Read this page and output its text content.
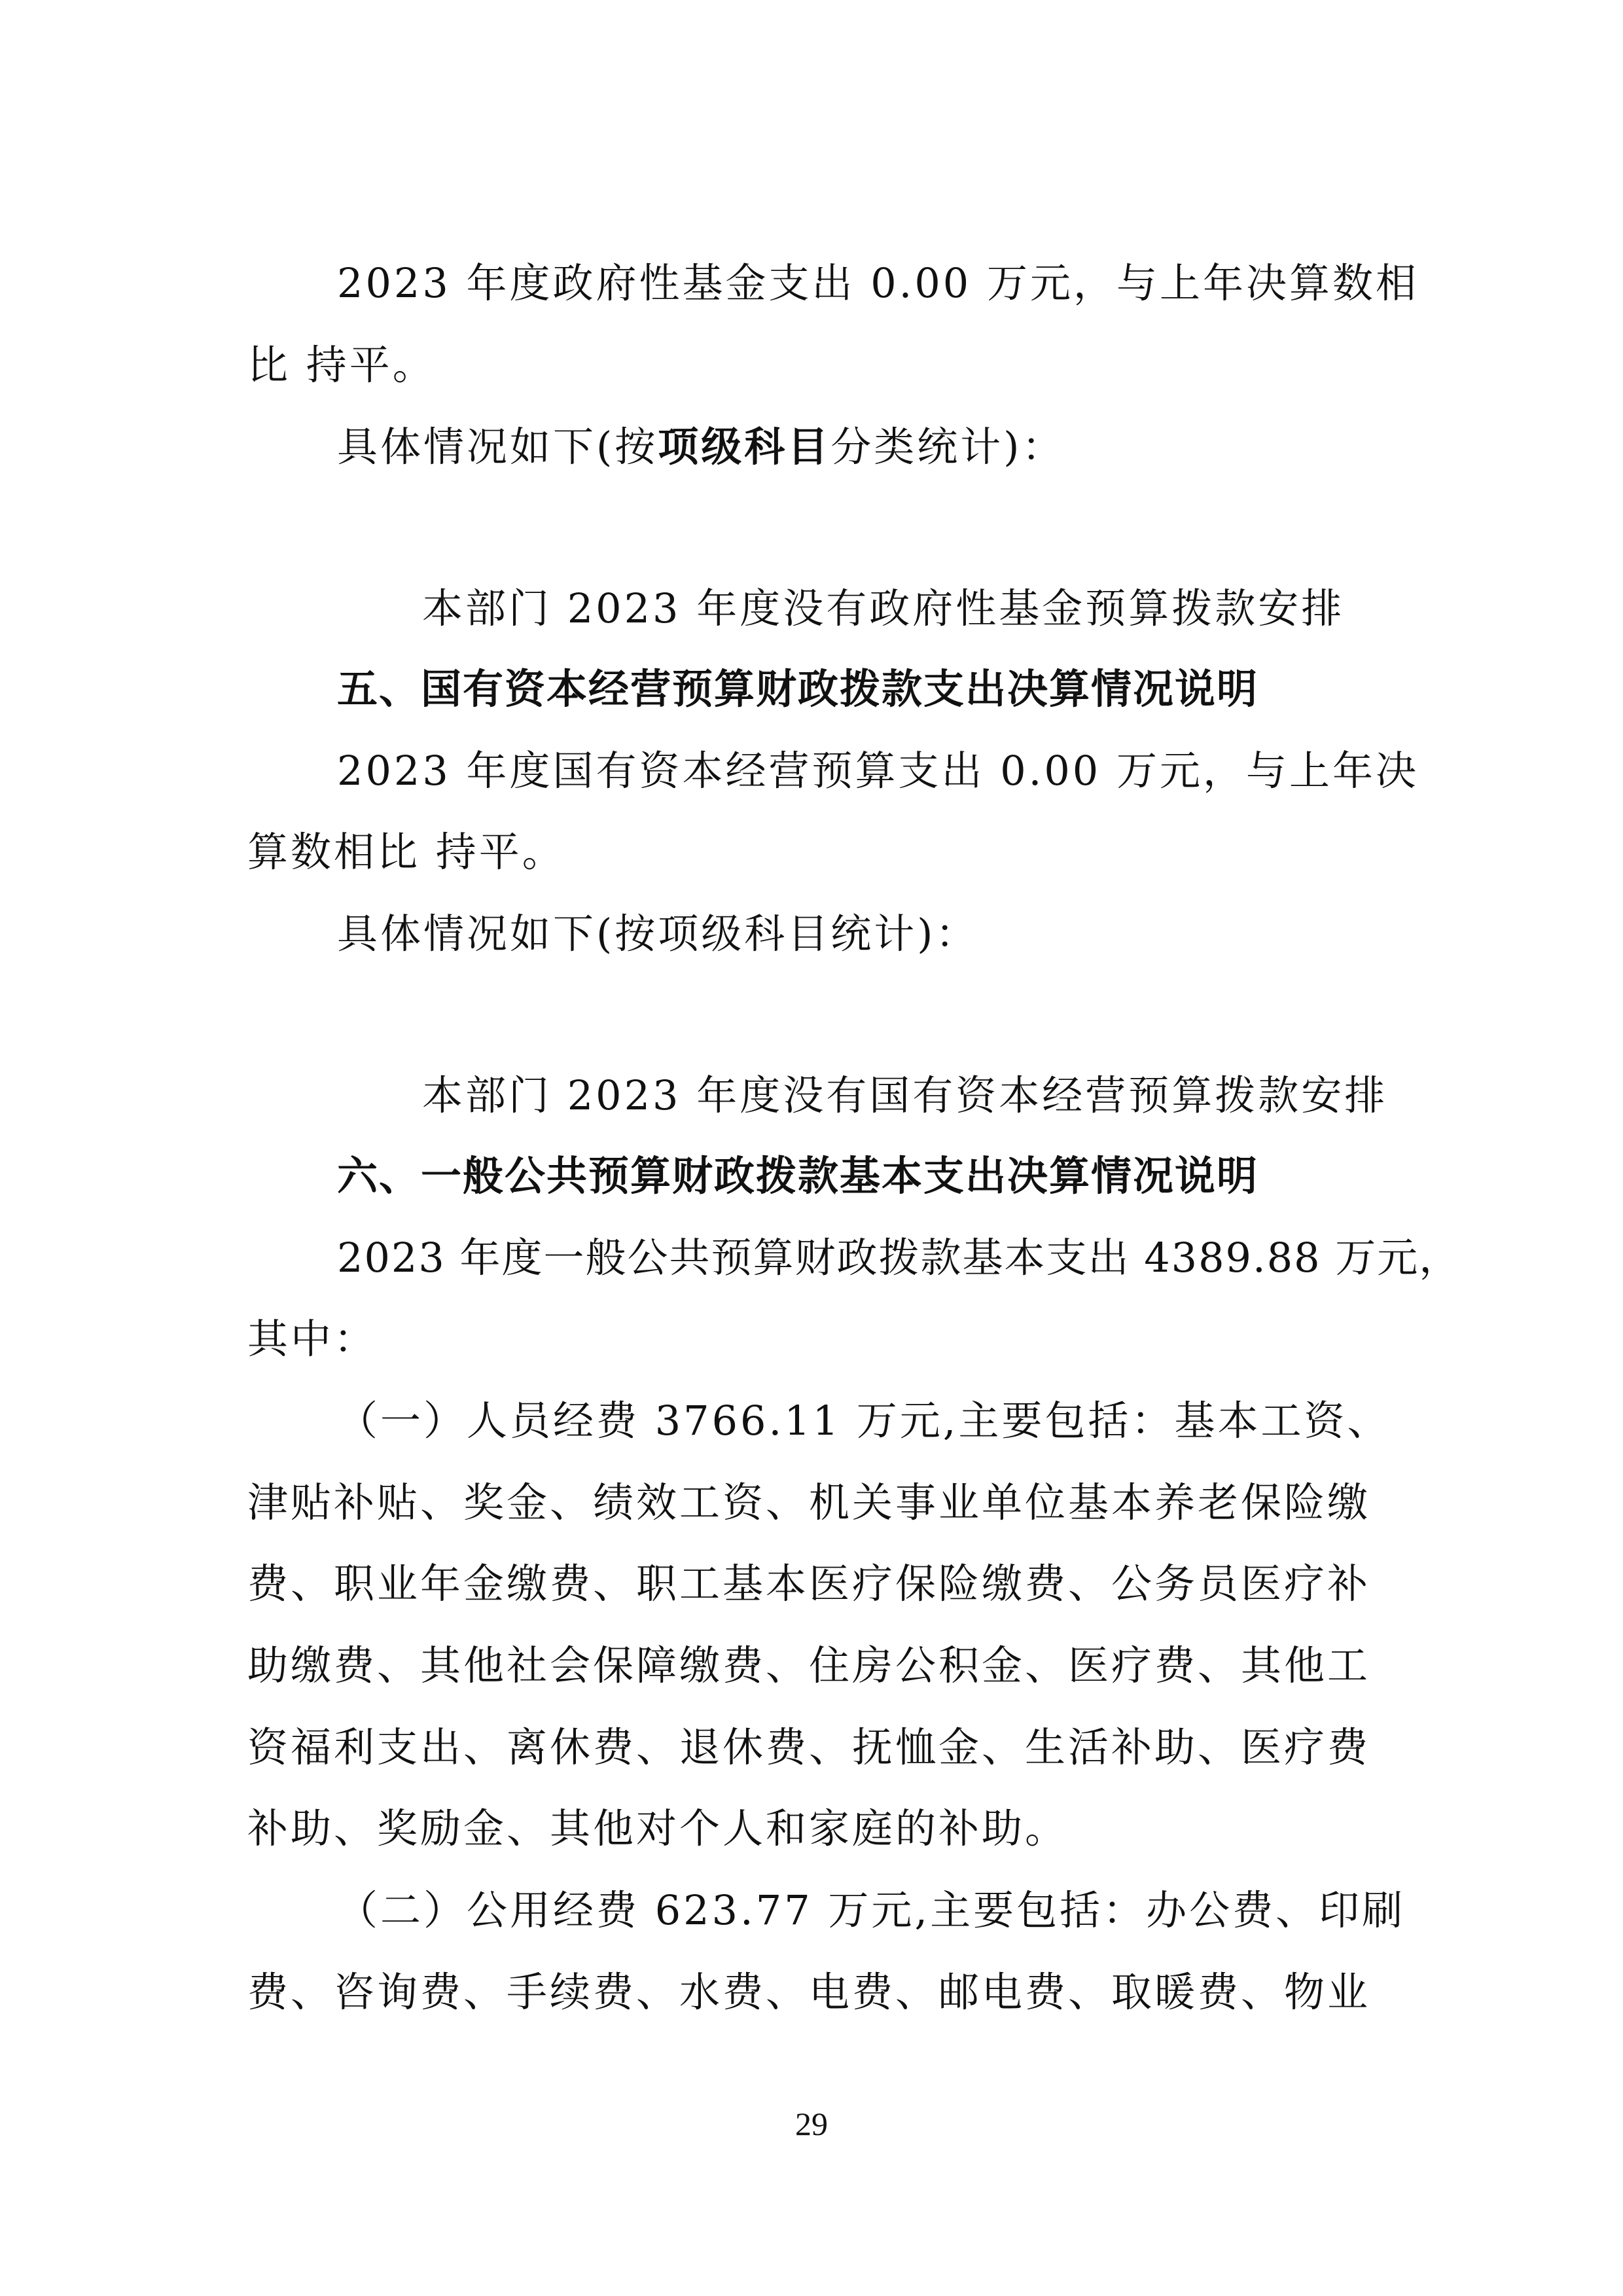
2023 年度政府性基金支出 0.00 万元，与上年决算数相
比 持平。
具体情况如下(按项级科目分类统计)：
本部门 2023 年度没有政府性基金预算拨款安排
五、国有资本经营预算财政拨款支出决算情况说明
2023 年度国有资本经营预算支出 0.00 万元，与上年决
算数相比 持平。
具体情况如下(按项级科目统计)：
本部门 2023 年度没有国有资本经营预算拨款安排
六、一般公共预算财政拨款基本支出决算情况说明
2023 年度一般公共预算财政拨款基本支出 4389.88 万元，
其中：
（一）人员经费 3766.11 万元,主要包括：基本工资、
津贴补贴、奖金、绩效工资、机关事业单位基本养老保险缴
费、职业年金缴费、职工基本医疗保险缴费、公务员医疗补
助缴费、其他社会保障缴费、住房公积金、医疗费、其他工
资福利支出、离休费、退休费、抚恤金、生活补助、医疗费
补助、奖励金、其他对个人和家庭的补助。
（二）公用经费 623.77 万元,主要包括：办公费、印刷
费、咨询费、手续费、水费、电费、邮电费、取暖费、物业
29
